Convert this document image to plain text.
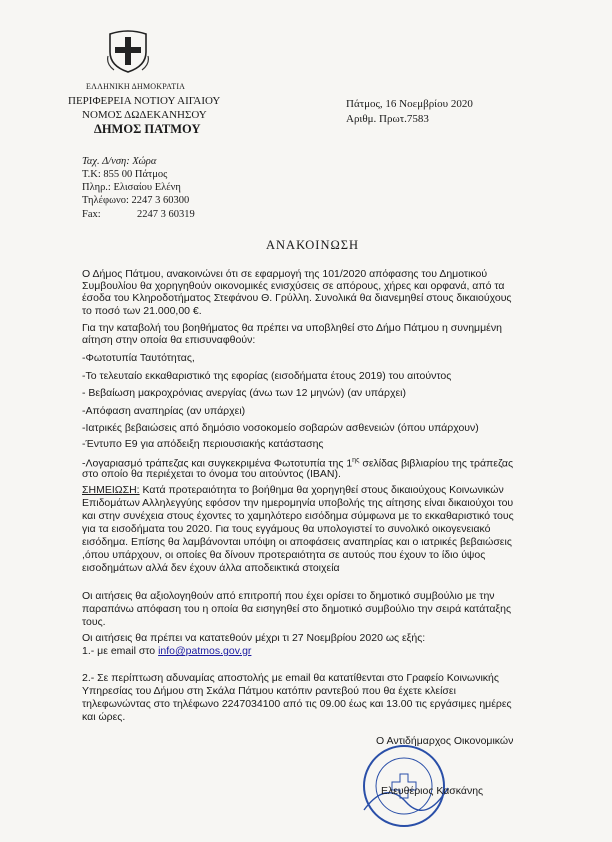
ΕΛΛΗΝΙΚΗ ΔΗΜΟΚΡΑΤΙΑ
ΠΕΡΙΦΕΡΕΙΑ ΝΟΤΙΟΥ ΑΙΓΑΙΟΥ
ΝΟΜΟΣ ΔΩΔΕΚΑΝΗΣΟΥ
ΔΗΜΟΣ ΠΑΤΜΟΥ
Πάτμος, 16 Νοεμβρίου 2020
Αριθμ. Πρωτ.7583
Ταχ. Δ/νση: Χώρα
Τ.Κ: 855 00 Πάτμος
Πληρ.: Ελισαίου Ελένη
Τηλέφωνο: 2247 3 60300
Fax:	2247 3 60319
ΑΝΑΚΟΙΝΩΣΗ
Ο Δήμος Πάτμου, ανακοινώνει ότι σε εφαρμογή της 101/2020 απόφασης του Δημοτικού
Συμβουλίου θα χορηγηθούν οικονομικές ενισχύσεις σε απόρους, χήρες και ορφανά, από τα
έσοδα του Κληροδοτήματος Στεφάνου Θ. Γρύλλη. Συνολικά θα διανεμηθεί στους δικαιούχους
το ποσό των 21.000,00 €.
Για την καταβολή του βοηθήματος θα πρέπει να υποβληθεί στο Δήμο Πάτμου η συνημμένη
αίτηση στην οποία θα επισυναφθούν:
-Φωτοτυπία Ταυτότητας,
-Το τελευταίο εκκαθαριστικό της εφορίας (εισοδήματα έτους 2019) του αιτούντος
- Βεβαίωση μακροχρόνιας ανεργίας (άνω των 12 μηνών) (αν υπάρχει)
-Απόφαση αναπηρίας (αν υπάρχει)
-Ιατρικές βεβαιώσεις από δημόσιο νοσοκομείο σοβαρών ασθενειών (όπου υπάρχουν)
-Έντυπο Ε9 για απόδειξη περιουσιακής κατάστασης
-Λογαριασμό τράπεζας και συγκεκριμένα Φωτοτυπία της $1^{\eta\varsigma}$ σελίδας βιβλιαρίου της τράπεζας
στο οποίο θα περιέχεται το όνομα του αιτούντος (IBAN).
ΣΗΜΕΙΩΣΗ: Κατά προτεραιότητα το βοήθημα θα χορηγηθεί στους δικαιούχους Κοινωνικών
Επιδομάτων Αλληλεγγύης εφόσον την ημερομηνία υποβολής της αίτησης είναι δικαιούχοι του
και στην συνέχεια στους έχοντες το χαμηλότερο εισόδημα σύμφωνα με το εκκαθαριστικό τους
για τα εισοδήματα του 2020. Για τους εγγάμους θα υπολογιστεί το συνολικό οικογενειακό
εισόδημα. Επίσης θα λαμβάνονται υπόψη οι αποφάσεις αναπηρίας και ο ιατρικές βεβαιώσεις
,όπου υπάρχουν, οι οποίες θα δίνουν προτεραιότητα σε αυτούς που έχουν το ίδιο ύψος
εισοδημάτων αλλά δεν έχουν άλλα αποδεικτικά στοιχεία
Οι αιτήσεις θα αξιολογηθούν από επιτροπή που έχει ορίσει το δημοτικό συμβούλιο με την
παραπάνω απόφαση του η οποία θα εισηγηθεί στο δημοτικό συμβούλιο την σειρά κατάταξης
τους.
Οι αιτήσεις θα πρέπει να κατατεθούν μέχρι τι 27 Νοεμβρίου 2020 ως εξής:
1.- με email στο info@patmos.gov.gr
2.- Σε περίπτωση αδυναμίας αποστολής με email θα κατατίθενται στο Γραφείο Κοινωνικής
Υπηρεσίας του Δήμου στη Σκάλα Πάτμου κατόπιν ραντεβού που θα έχετε κλείσει
τηλεφωνώντας στο τηλέφωνο 2247034100 από τις 09.00 έως και 13.00 τις εργάσιμες ημέρες
και ώρες.
Ο Αντιδήμαρχος Οικονομικών
Ελευθέριος Κασκάνης
